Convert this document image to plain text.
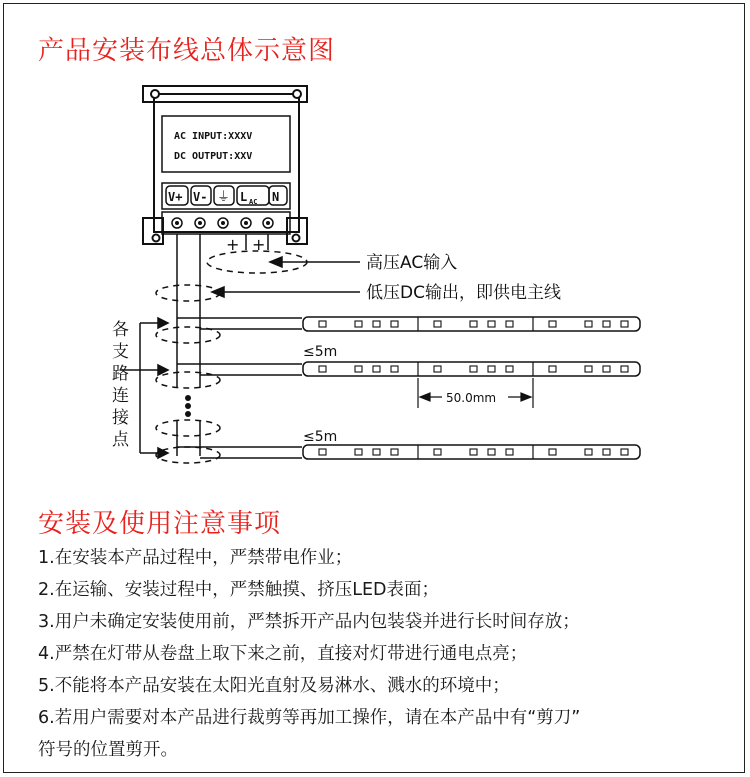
产品安装布线总体示意图
AC INPUT:XXXV
DC OUTPUT:XXV
V+ V- ⏚ L AC N
+ +
高压AC输入
低压DC输出，即供电主线
各支路连接点
≤5m
≤5m
50.0mm
安装及使用注意事项
1.在安装本产品过程中，严禁带电作业；
2.在运输、安装过程中，严禁触摸、挤压LED表面；
3.用户未确定安装使用前，严禁拆开产品内包装袋并进行长时间存放；
4.严禁在灯带从卷盘上取下来之前，直接对灯带进行通电点亮；
5.不能将本产品安装在太阳光直射及易淋水、溅水的环境中；
6.若用户需要对本产品进行裁剪等再加工操作，请在本产品中有“剪刀”
符号的位置剪开。
